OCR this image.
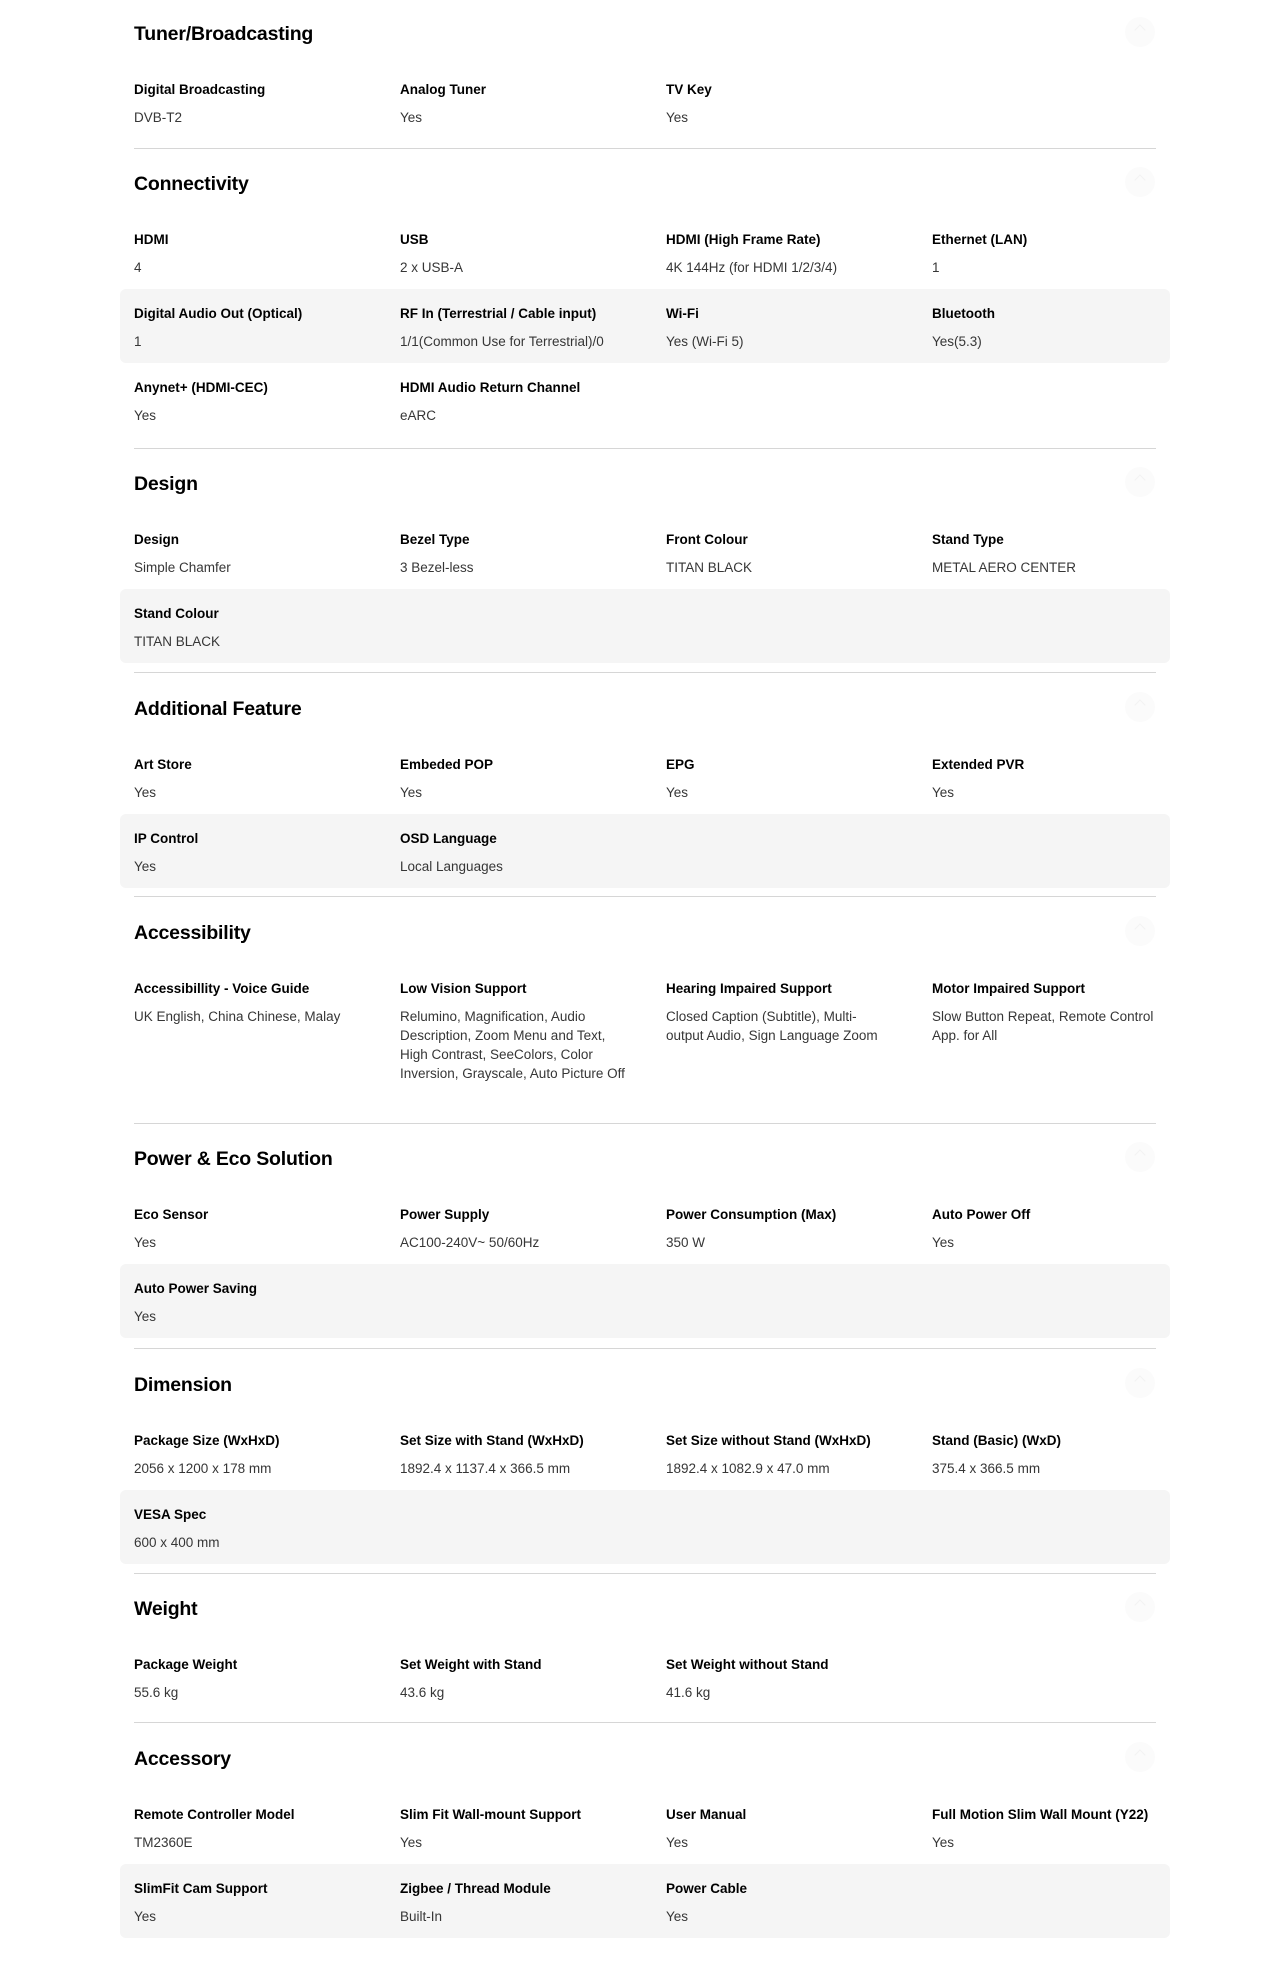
Tuner/Broadcasting
Digital Broadcasting
DVB-T2
Analog Tuner
Yes
TV Key
Yes
Connectivity
HDMI
4
USB
2 x USB-A
HDMI (High Frame Rate)
4K 144Hz (for HDMI 1/2/3/4)
Ethernet (LAN)
1
Digital Audio Out (Optical)
1
RF In (Terrestrial / Cable input)
1/1(Common Use for Terrestrial)/0
Wi-Fi
Yes (Wi-Fi 5)
Bluetooth
Yes(5.3)
Anynet+ (HDMI-CEC)
Yes
HDMI Audio Return Channel
eARC
Design
Design
Simple Chamfer
Bezel Type
3 Bezel-less
Front Colour
TITAN BLACK
Stand Type
METAL AERO CENTER
Stand Colour
TITAN BLACK
Additional Feature
Art Store
Yes
Embeded POP
Yes
EPG
Yes
Extended PVR
Yes
IP Control
Yes
OSD Language
Local Languages
Accessibility
Accessibillity - Voice Guide
UK English, China Chinese, Malay
Low Vision Support
Relumino, Magnification, Audio Description, Zoom Menu and Text, High Contrast, SeeColors, Color Inversion, Grayscale, Auto Picture Off
Hearing Impaired Support
Closed Caption (Subtitle), Multi-output Audio, Sign Language Zoom
Motor Impaired Support
Slow Button Repeat, Remote Control App. for All
Power & Eco Solution
Eco Sensor
Yes
Power Supply
AC100-240V~ 50/60Hz
Power Consumption (Max)
350 W
Auto Power Off
Yes
Auto Power Saving
Yes
Dimension
Package Size (WxHxD)
2056 x 1200 x 178 mm
Set Size with Stand (WxHxD)
1892.4 x 1137.4 x 366.5 mm
Set Size without Stand (WxHxD)
1892.4 x 1082.9 x 47.0 mm
Stand (Basic) (WxD)
375.4 x 366.5 mm
VESA Spec
600 x 400 mm
Weight
Package Weight
55.6 kg
Set Weight with Stand
43.6 kg
Set Weight without Stand
41.6 kg
Accessory
Remote Controller Model
TM2360E
Slim Fit Wall-mount Support
Yes
User Manual
Yes
Full Motion Slim Wall Mount (Y22)
Yes
SlimFit Cam Support
Yes
Zigbee / Thread Module
Built-In
Power Cable
Yes
